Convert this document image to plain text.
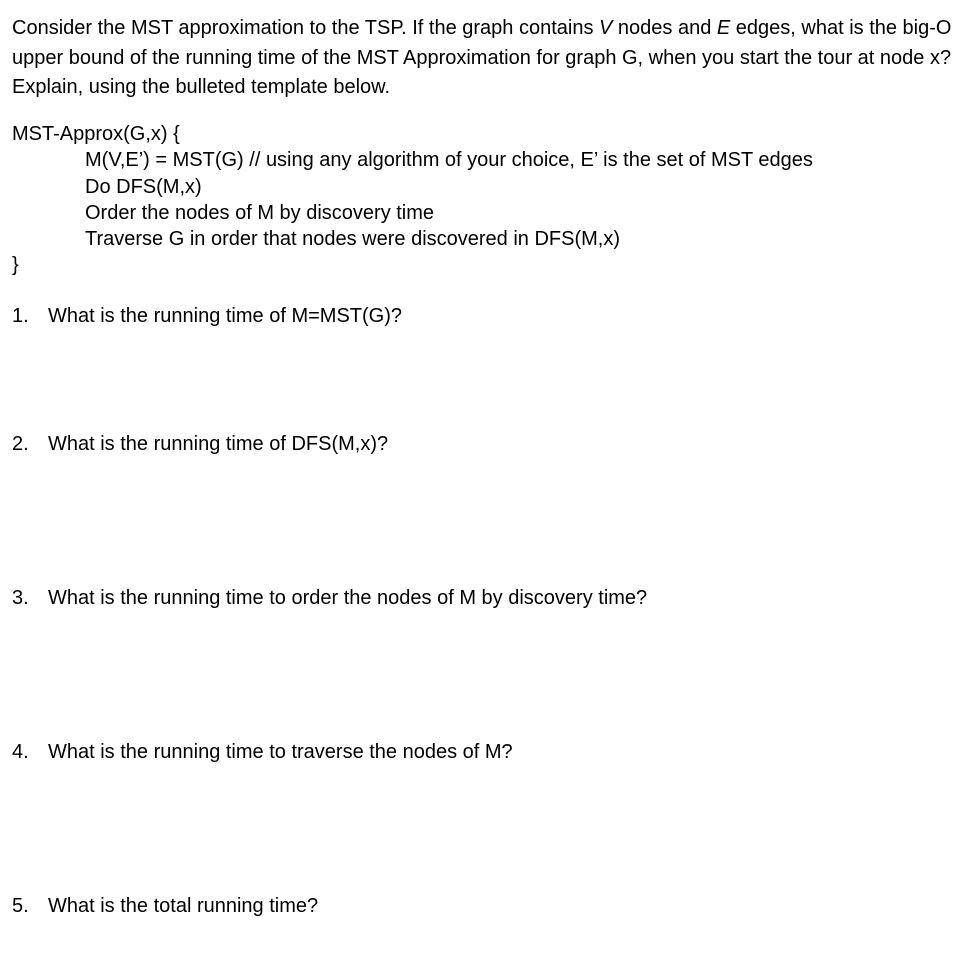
Consider the MST approximation to the TSP. If the graph contains V nodes and E edges, what is the big-O upper bound of the running time of the MST Approximation for graph G, when you start the tour at node x? Explain, using the bulleted template below.

MST-Approx(G,x) {
M(V,E’) = MST(G) // using any algorithm of your choice, E’ is the set of MST edges
Do DFS(M,x)
Order the nodes of M by discovery time
Traverse G in order that nodes were discovered in DFS(M,x)
}

1. What is the running time of M=MST(G)?

2. What is the running time of DFS(M,x)?

3. What is the running time to order the nodes of M by discovery time?

4. What is the running time to traverse the nodes of M?

5. What is the total running time?
